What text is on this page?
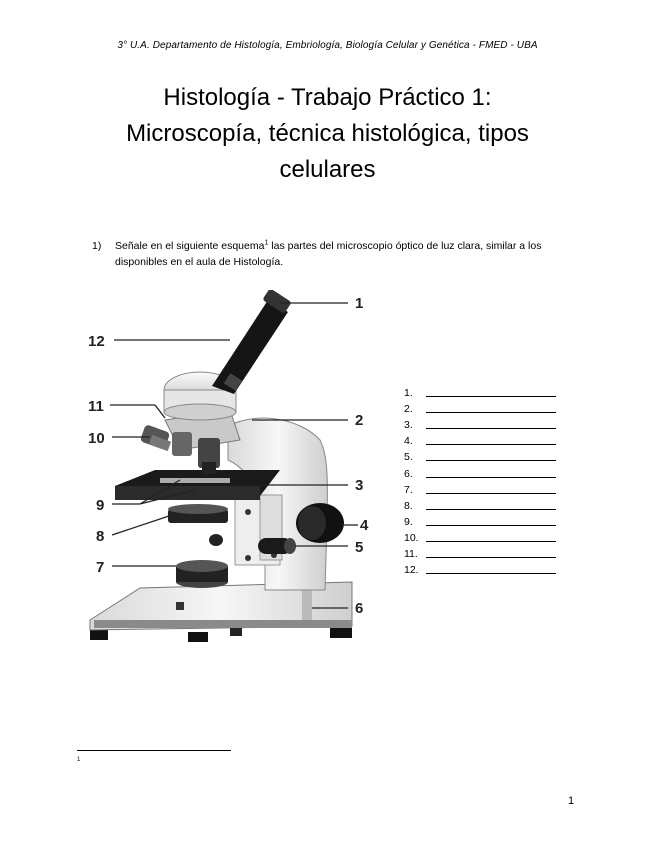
3° U.A. Departamento de Histología, Embriología, Biología Celular y Genética - FMED - UBA
Histología - Trabajo Práctico 1:
Microscopía, técnica histológica, tipos
celulares
1) Señale en el siguiente esquema$^1$ las partes del microscopio óptico de luz clara, similar a los disponibles en el aula de Histología.
1
2
3
4
5
6
7
8
9
10
11
12
1.
2.
3.
4.
5.
6.
7.
8.
9.
10.
11.
12.
1
1
